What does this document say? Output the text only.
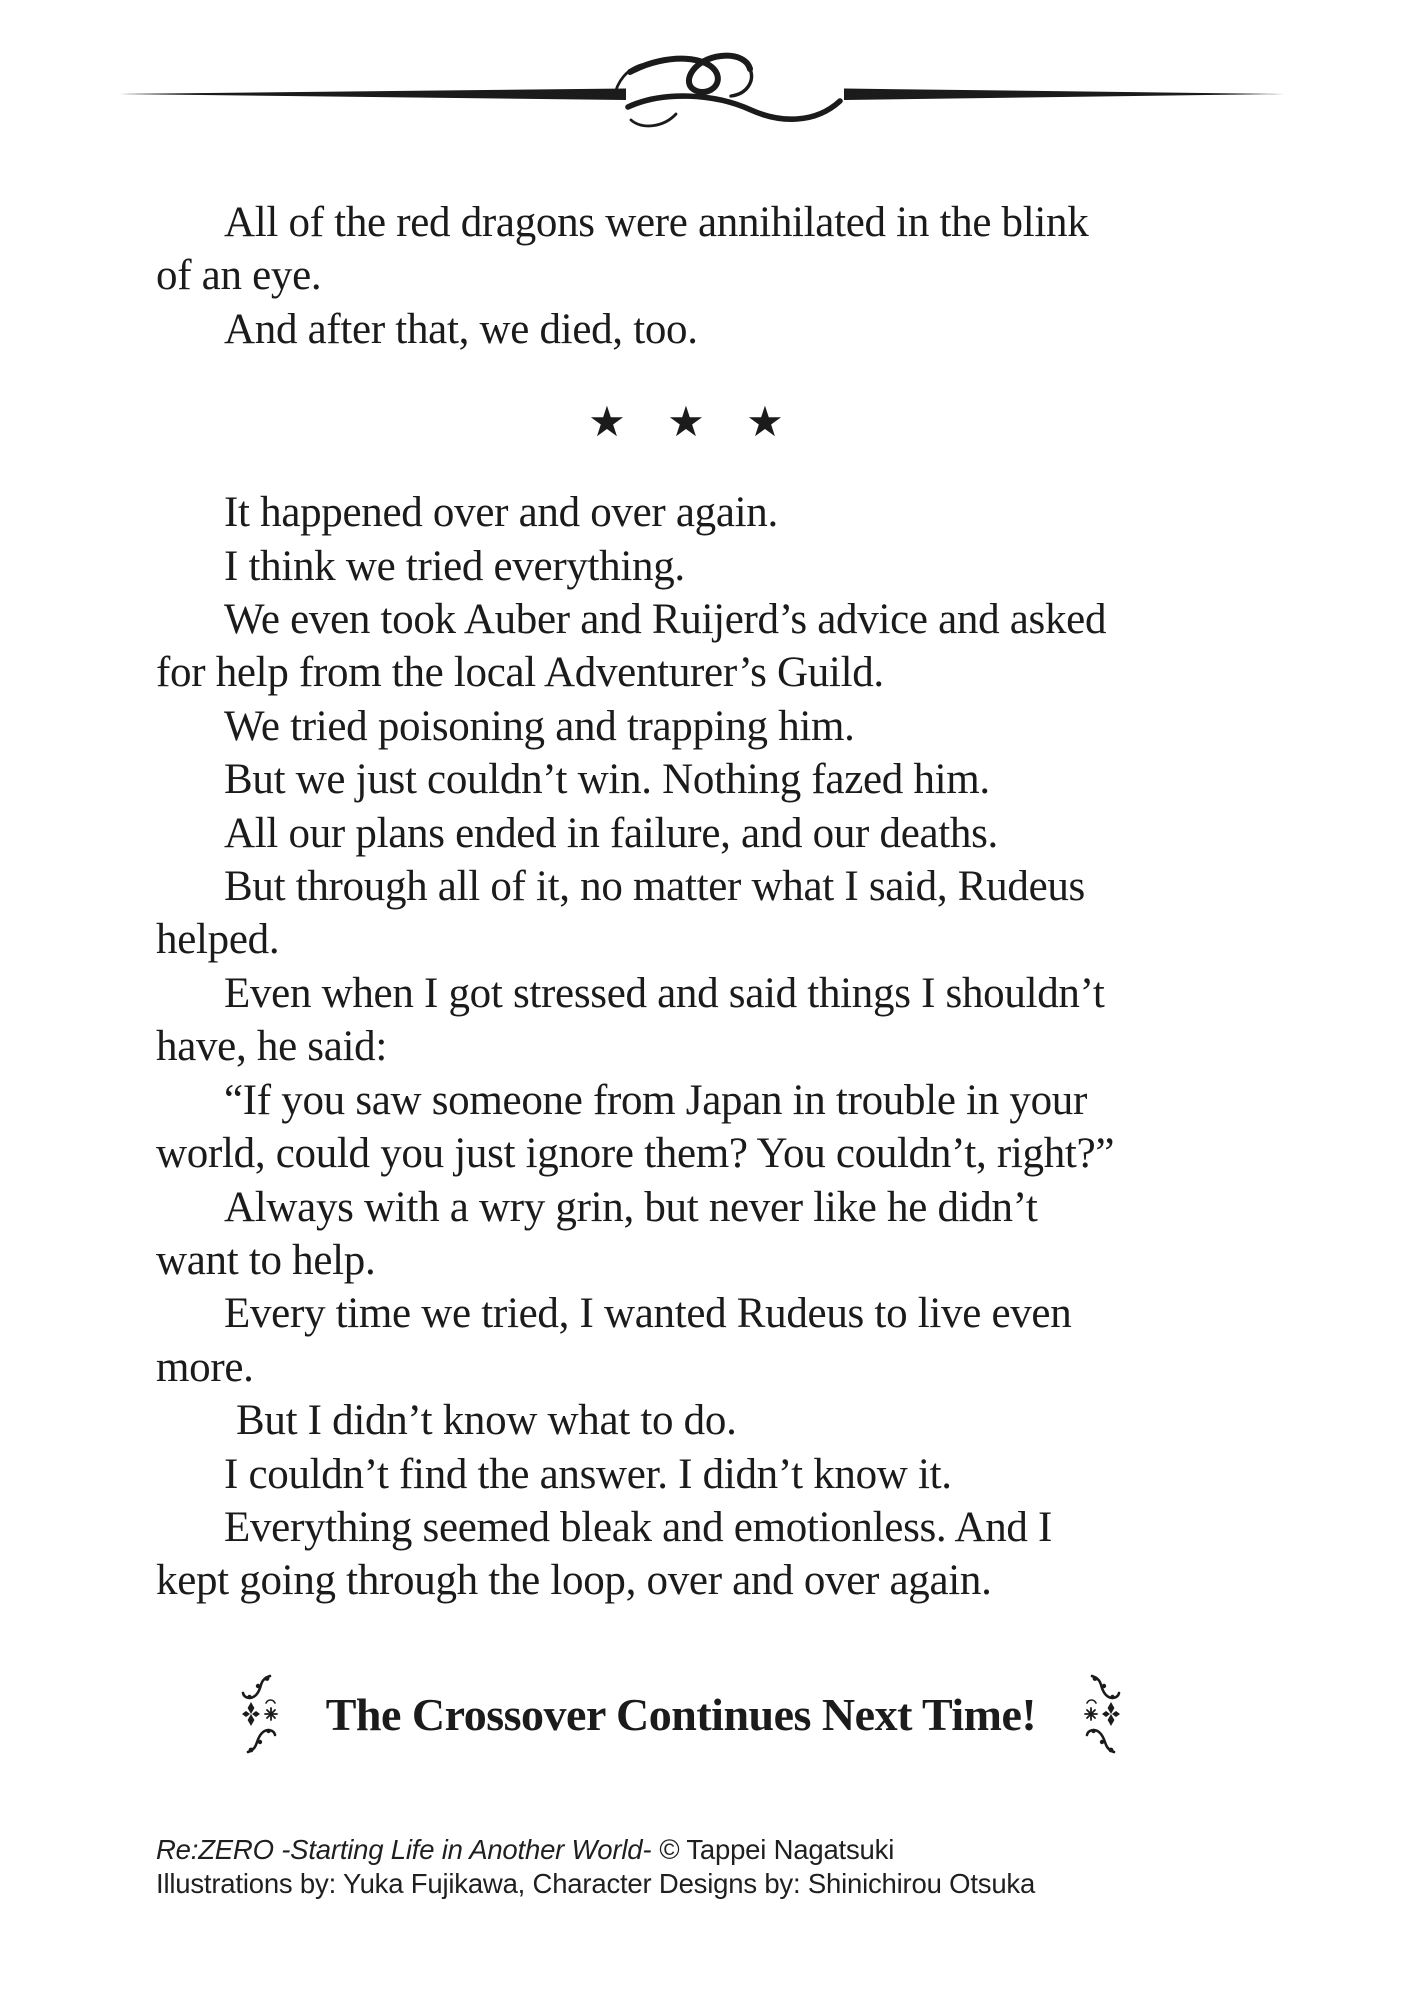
All of the red dragons were annihilated in the blink
of an eye.
And after that, we died, too.
★ ★ ★
It happened over and over again.
I think we tried everything.
We even took Auber and Ruijerd’s advice and asked
for help from the local Adventurer’s Guild.
We tried poisoning and trapping him.
But we just couldn’t win. Nothing fazed him.
All our plans ended in failure, and our deaths.
But through all of it, no matter what I said, Rudeus
helped.
Even when I got stressed and said things I shouldn’t
have, he said:
“If you saw someone from Japan in trouble in your
world, could you just ignore them? You couldn’t, right?”
Always with a wry grin, but never like he didn’t
want to help.
Every time we tried, I wanted Rudeus to live even
more.
But I didn’t know what to do.
I couldn’t find the answer. I didn’t know it.
Everything seemed bleak and emotionless. And I
kept going through the loop, over and over again.
The Crossover Continues Next Time!
Re:ZERO -Starting Life in Another World- © Tappei Nagatsuki
Illustrations by: Yuka Fujikawa, Character Designs by: Shinichirou Otsuka
